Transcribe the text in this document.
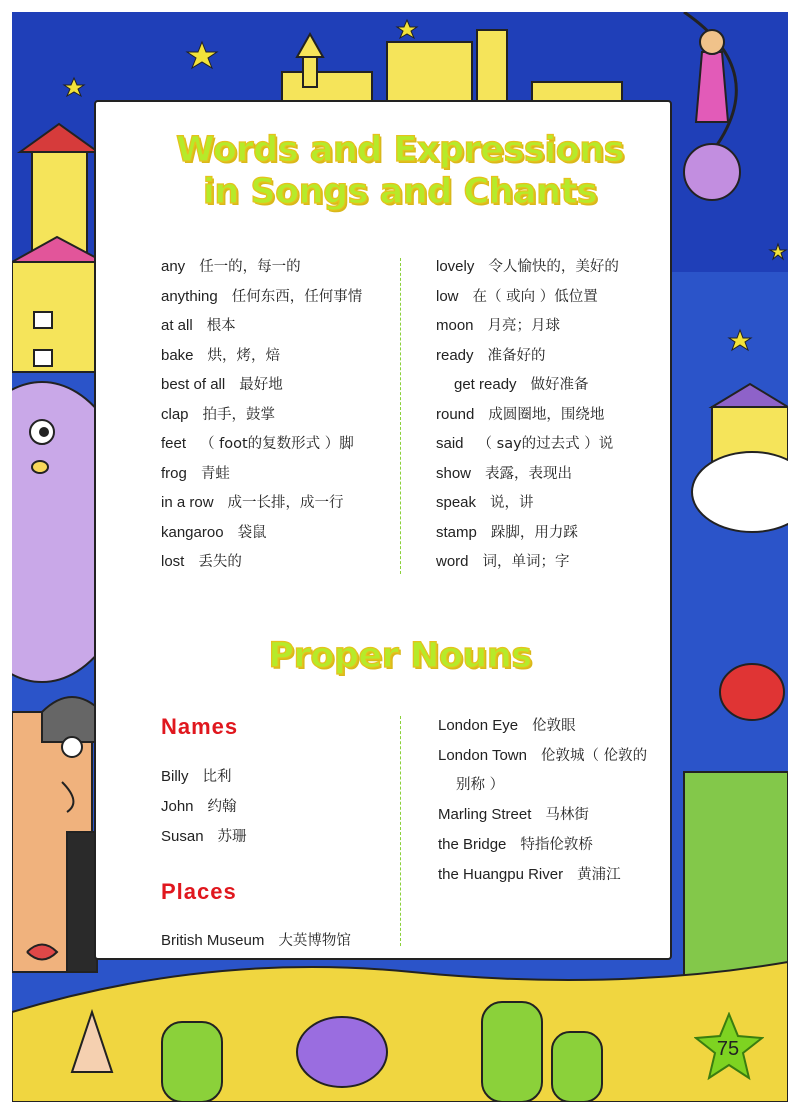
Words and Expressions
in Songs and Chants
any 任一的，每一的
anything 任何东西，任何事情
at all 根本
bake 烘，烤，焙
best of all 最好地
clap 拍手，鼓掌
feet （ foot的复数形式 ）脚
frog 青蛙
in a row 成一长排，成一行
kangaroo 袋鼠
lost 丢失的
lovely 令人愉快的，美好的
low 在（ 或向 ）低位置
moon 月亮；月球
ready 准备好的
get ready 做好准备
round 成圆圈地，围绕地
said （ say的过去式 ）说
show 表露，表现出
speak 说，讲
stamp 跺脚，用力踩
word 词，单词；字
Proper Nouns
Names
Billy 比利
John 约翰
Susan 苏珊
Places
British Museum 大英博物馆
London Eye 伦敦眼
London Town 伦敦城（ 伦敦的
别称 ）
Marling Street 马林街
the Bridge 特指伦敦桥
the Huangpu River 黄浦江
75
